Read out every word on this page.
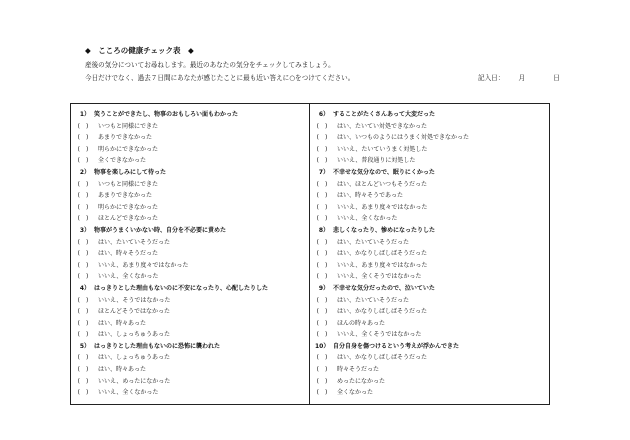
◆　こころの健康チェック表　◆
産後の気分についてお尋ねします。最近のあなたの気分をチェックしてみましょう。
今日だけでなく、過去７日間にあなたが感じたことに最も近い答えに○をつけてください。	記入日： 月	日
1） 笑うことができたし、物事のおもしろい面もわかった
(　) いつもと同様にできた
(　) あまりできなかった
(　) 明らかにできなかった
(　) 全くできなかった
2） 物事を楽しみにして待った
(　) いつもと同様にできた
(　) あまりできなかった
(　) 明らかにできなかった
(　) ほとんどできなかった
3） 物事がうまくいかない時、自分を不必要に責めた
(　) はい、たいていそうだった
(　) はい、時々そうだった
(　) いいえ、あまり度々ではなかった
(　) いいえ、全くなかった
4） はっきりとした理由もないのに不安になったり、心配したりした
(　) いいえ、そうではなかった
(　) ほとんどそうではなかった
(　) はい、時々あった
(　) はい、しょっちゅうあった
5） はっきりとした理由もないのに恐怖に襲われた
(　) はい、しょっちゅうあった
(　) はい、時々あった
(　) いいえ、めったになかった
(　) いいえ、全くなかった
6） することがたくさんあって大変だった
(　) はい、たいてい対処できなかった
(　) はい、いつものようにはうまく対処できなかった
(　) いいえ、たいていうまく対処した
(　) いいえ、普段通りに対処した
7） 不幸せな気分なので、眠りにくかった
(　) はい、ほとんどいつもそうだった
(　) はい、時々そうであった
(　) いいえ、あまり度々ではなかった
(　) いいえ、全くなかった
8） 悲しくなったり、惨めになったりした
(　) はい、たいていそうだった
(　) はい、かなりしばしばそうだった
(　) いいえ、あまり度々ではなかった
(　) いいえ、全くそうではなかった
9） 不幸せな気分だったので、泣いていた
(　) はい、たいていそうだった
(　) はい、かなりしばしばそうだった
(　) ほんの時々あった
(　) いいえ、全くそうではなかった
10） 自分自身を傷つけるという考えが浮かんできた
(　) はい、かなりしばしばそうだった
(　) 時々そうだった
(　) めったになかった
(　) 全くなかった
